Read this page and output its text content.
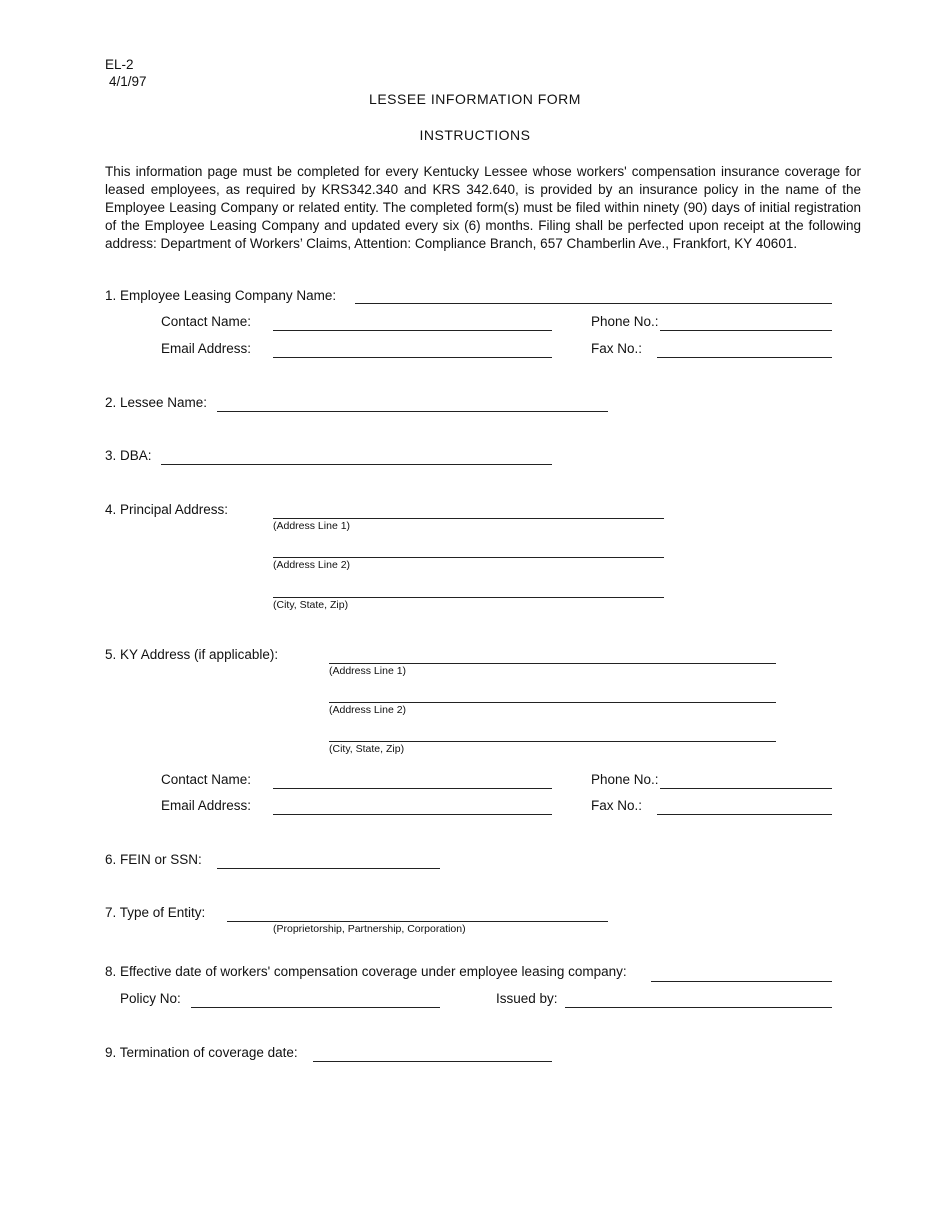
EL-2
4/1/97
LESSEE INFORMATION FORM
INSTRUCTIONS
This information page must be completed for every Kentucky Lessee whose workers' compensation insurance coverage for leased employees, as required by KRS342.340 and KRS 342.640, is provided by an insurance policy in the name of the Employee Leasing Company or related entity. The completed form(s) must be filed within ninety (90) days of initial registration of the Employee Leasing Company and updated every six (6) months. Filing shall be perfected upon receipt at the following address: Department of Workers’ Claims, Attention: Compliance Branch, 657 Chamberlin Ave., Frankfort, KY 40601.
1. Employee Leasing Company Name:
Contact Name:	Phone No.:
Email Address:	Fax No.:
2. Lessee Name:
3. DBA:
4. Principal Address:
(Address Line 1)
(Address Line 2)
(City, State, Zip)
5. KY Address (if applicable):
(Address Line 1)
(Address Line 2)
(City, State, Zip)
Contact Name:	Phone No.:
Email Address:	Fax No.:
6. FEIN or SSN:
7. Type of Entity:
(Proprietorship, Partnership, Corporation)
8. Effective date of workers' compensation coverage under employee leasing company:
Policy No:	Issued by:
9. Termination of coverage date:
